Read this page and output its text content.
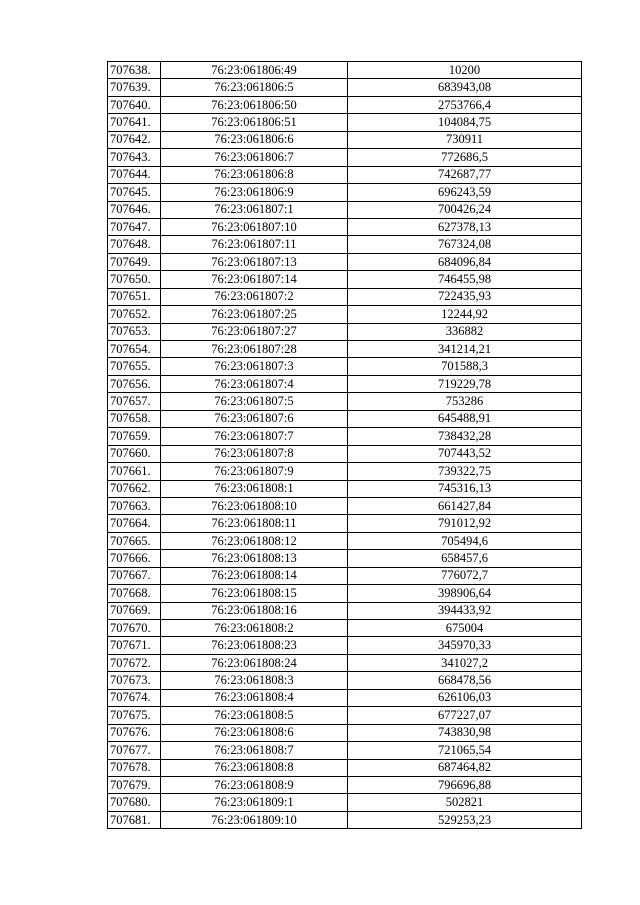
707638.	76:23:061806:49	10200
707639.	76:23:061806:5	683943,08
707640.	76:23:061806:50	2753766,4
707641.	76:23:061806:51	104084,75
707642.	76:23:061806:6	730911
707643.	76:23:061806:7	772686,5
707644.	76:23:061806:8	742687,77
707645.	76:23:061806:9	696243,59
707646.	76:23:061807:1	700426,24
707647.	76:23:061807:10	627378,13
707648.	76:23:061807:11	767324,08
707649.	76:23:061807:13	684096,84
707650.	76:23:061807:14	746455,98
707651.	76:23:061807:2	722435,93
707652.	76:23:061807:25	12244,92
707653.	76:23:061807:27	336882
707654.	76:23:061807:28	341214,21
707655.	76:23:061807:3	701588,3
707656.	76:23:061807:4	719229,78
707657.	76:23:061807:5	753286
707658.	76:23:061807:6	645488,91
707659.	76:23:061807:7	738432,28
707660.	76:23:061807:8	707443,52
707661.	76:23:061807:9	739322,75
707662.	76:23:061808:1	745316,13
707663.	76:23:061808:10	661427,84
707664.	76:23:061808:11	791012,92
707665.	76:23:061808:12	705494,6
707666.	76:23:061808:13	658457,6
707667.	76:23:061808:14	776072,7
707668.	76:23:061808:15	398906,64
707669.	76:23:061808:16	394433,92
707670.	76:23:061808:2	675004
707671.	76:23:061808:23	345970,33
707672.	76:23:061808:24	341027,2
707673.	76:23:061808:3	668478,56
707674.	76:23:061808:4	626106,03
707675.	76:23:061808:5	677227,07
707676.	76:23:061808:6	743830,98
707677.	76:23:061808:7	721065,54
707678.	76:23:061808:8	687464,82
707679.	76:23:061808:9	796696,88
707680.	76:23:061809:1	502821
707681.	76:23:061809:10	529253,23
